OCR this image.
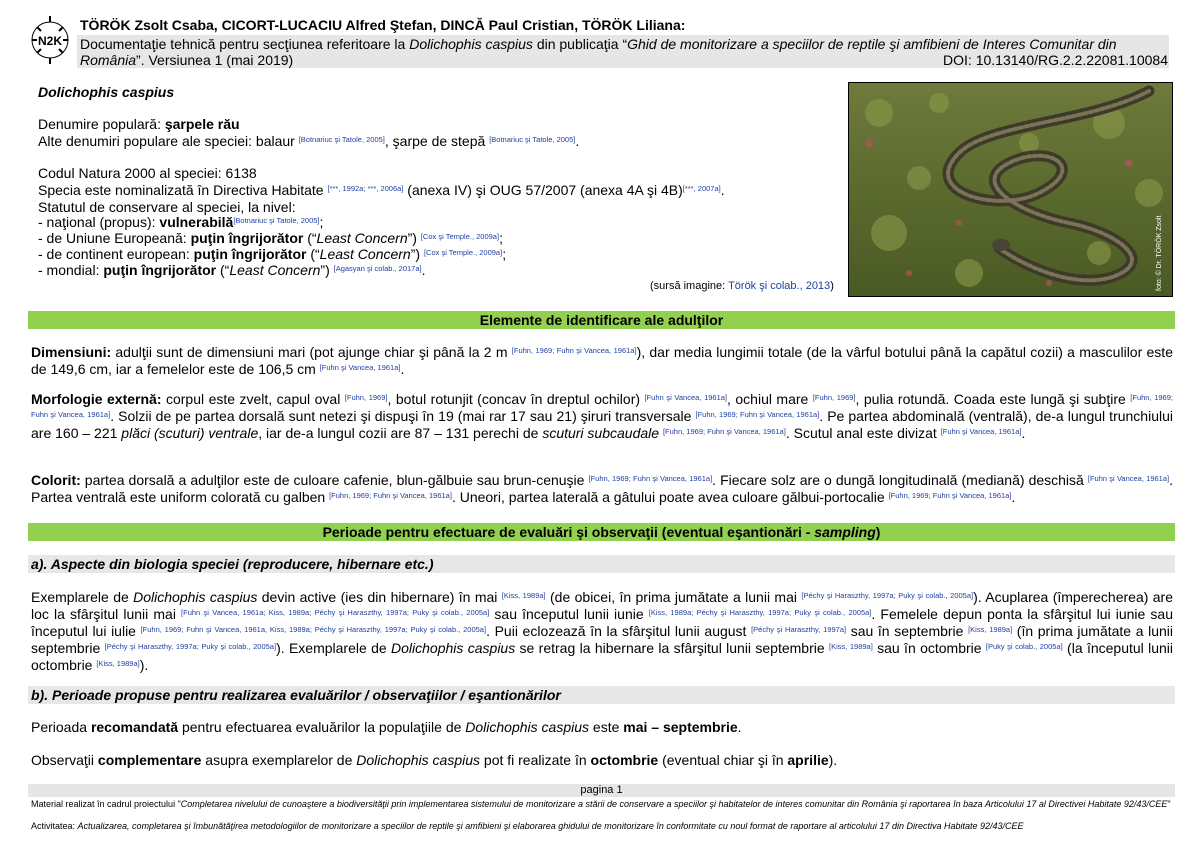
N2K
TÖRÖK Zsolt Csaba, CICORT-LUCACIU Alfred Ştefan, DINCĂ Paul Cristian, TÖRÖK Liliana:
Documentaţie tehnică pentru secţiunea referitoare la Dolichophis caspius din publicaţia “Ghid de monitorizare a speciilor de reptile şi amfibieni de Interes Comunitar din
România”. Versiunea 1 (mai 2019)	DOI: 10.13140/RG.2.2.22081.10084
Dolichophis caspius
Denumire populară: şarpele rău
Alte denumiri populare ale speciei: balaur [Botnariuc şi Tatole, 2005], şarpe de stepă [Botnariuc şi Tatole, 2005].
Codul Natura 2000 al speciei: 6138
Specia este nominalizată în Directiva Habitate [***, 1992a; ***, 2006a] (anexa IV) şi OUG 57/2007 (anexa 4A şi 4B)[***, 2007a].
Statutul de conservare al speciei, la nivel:
- naţional (propus): vulnerabilă[Botnariuc şi Tatole, 2005];
- de Uniune Europeană: puţin îngrijorător (“Least Concern”) [Cox şi Temple., 2009a];
- de continent european: puţin îngrijorător (“Least Concern”) [Cox şi Temple., 2009a];
- mondial: puţin îngrijorător (“Least Concern”) [Agasyan şi colab., 2017a].
(sursă imagine: Török şi colab., 2013)	foto: © Dr. TÖRÖK Zsolt
Elemente de identificare ale adulţilor
Dimensiuni: adulţii sunt de dimensiuni mari (pot ajunge chiar şi până la 2 m [Fuhn, 1969; Fuhn şi Vancea, 1961a]), dar media lungimii totale (de la vârful botului până la capătul cozii) a masculilor este de 149,6 cm, iar a femelelor este de 106,5 cm [Fuhn şi Vancea, 1961a].
Morfologie externă: corpul este zvelt, capul oval [Fuhn, 1969], botul rotunjit (concav în dreptul ochilor) [Fuhn şi Vancea, 1961a], ochiul mare [Fuhn, 1969], pulia rotundă. Coada este lungă şi subţire [Fuhn, 1969; Fuhn şi Vancea, 1961a]. Solzii de pe partea dorsală sunt netezi şi dispuşi în 19 (mai rar 17 sau 21) şiruri transversale [Fuhn, 1969; Fuhn şi Vancea, 1961a]. Pe partea abdominală (ventrală), de-a lungul trunchiului are 160 – 221 plăci (scuturi) ventrale, iar de-a lungul cozii are 87 – 131 perechi de scuturi subcaudale [Fuhn, 1969; Fuhn şi Vancea, 1961a]. Scutul anal este divizat [Fuhn şi Vancea, 1961a].
Colorit: partea dorsală a adulţilor este de culoare cafenie, blun-gălbuie sau brun-cenuşie [Fuhn, 1969; Fuhn şi Vancea, 1961a]. Fiecare solz are o dungă longitudinală (mediană) deschisă [Fuhn şi Vancea, 1961a]. Partea ventrală este uniform colorată cu galben [Fuhn, 1969; Fuhn şi Vancea, 1961a]. Uneori, partea laterală a gâtului poate avea culoare gălbui-portocalie [Fuhn, 1969; Fuhn şi Vancea, 1961a].
Perioade pentru efectuare de evaluări şi observaţii (eventual eşantionări - sampling)
a). Aspecte din biologia speciei (reproducere, hibernare etc.)
Exemplarele de Dolichophis caspius devin active (ies din hibernare) în mai [Kiss, 1989a] (de obicei, în prima jumătate a lunii mai [Péchy şi Haraszthy, 1997a; Puky şi colab., 2005a]). Acuplarea (împerecherea) are loc la sfârşitul lunii mai [Fuhn şi Vancea, 1961a; Kiss, 1989a; Péchy şi Haraszthy, 1997a; Puky şi colab., 2005a] sau începutul lunii iunie [Kiss, 1989a; Péchy şi Haraszthy, 1997a; Puky şi colab., 2005a]. Femelele depun ponta la sfârşitul lui iunie sau începutul lui iulie [Fuhn, 1969; Fuhn şi Vancea, 1961a, Kiss, 1989a; Péchy şi Haraszthy, 1997a; Puky şi colab., 2005a]. Puii eclozează în la sfârşitul lunii august [Péchy şi Haraszthy, 1997a] sau în septembrie [Kiss, 1989a] (în prima jumătate a lunii septembrie [Péchy şi Haraszthy, 1997a; Puky şi colab., 2005a]). Exemplarele de Dolichophis caspius se retrag la hibernare la sfârşitul lunii septembrie [Kiss, 1989a] sau în octombrie [Puky şi colab., 2005a] (la începutul lunii octombrie [Kiss, 1989a]).
b). Perioade propuse pentru realizarea evaluărilor / observaţiilor / eşantionărilor
Perioada recomandată pentru efectuarea evaluărilor la populaţiile de Dolichophis caspius este mai – septembrie.
Observaţii complementare asupra exemplarelor de Dolichophis caspius pot fi realizate în octombrie (eventual chiar şi în aprilie).
pagina 1
Material realizat în cadrul proiectului "Completarea nivelului de cunoaştere a biodiversităţii prin implementarea sistemului de monitorizare a stării de conservare a speciilor şi habitatelor de interes comunitar din România şi raportarea în baza Articolului 17 al Directivei Habitate 92/43/CEE"
Activitatea: Actualizarea, completarea şi îmbunătăţirea metodologiilor de monitorizare a speciilor de reptile şi amfibieni şi elaborarea ghidului de monitorizare în conformitate cu noul format de raportare al articolului 17 din Directiva Habitate 92/43/CEE
